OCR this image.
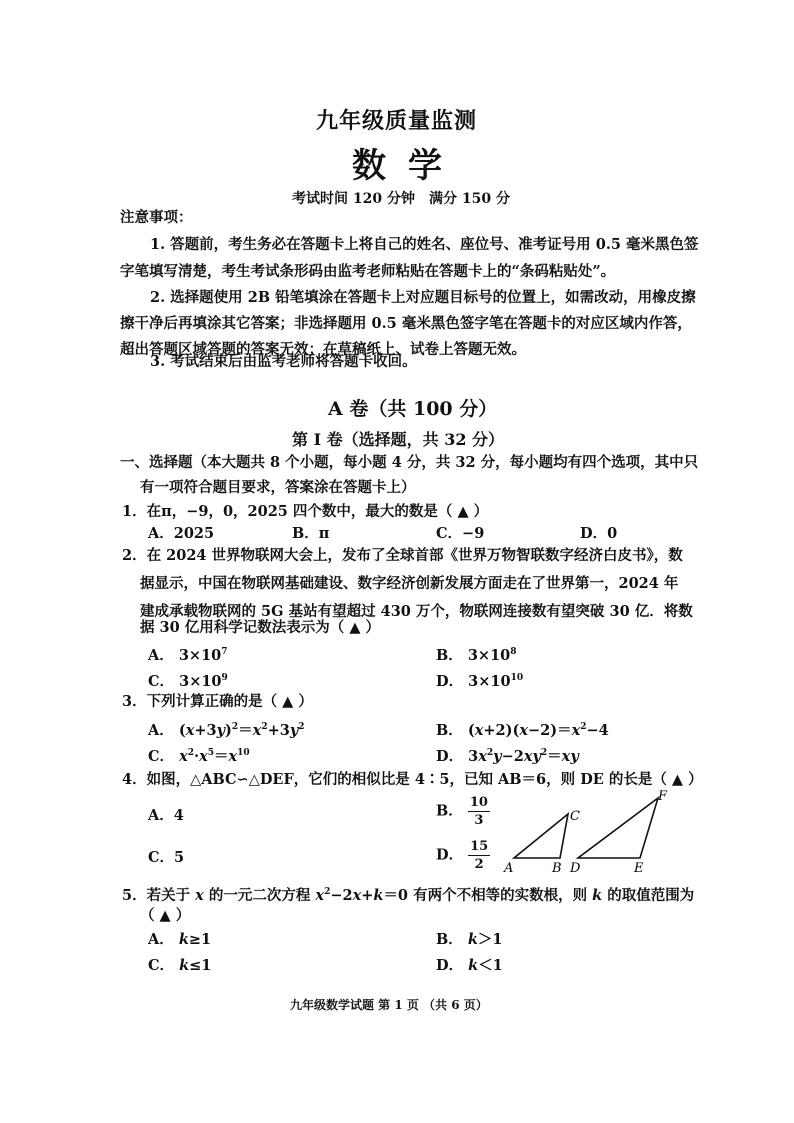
九年级质量监测
数学
考试时间 120 分钟　满分 150 分
注意事项：
1. 答题前，考生务必在答题卡上将自己的姓名、座位号、准考证号用 0.5 毫米黑色签
字笔填写清楚，考生考试条形码由监考老师粘贴在答题卡上的“条码粘贴处”。
2. 选择题使用 2B 铅笔填涂在答题卡上对应题目标号的位置上，如需改动，用橡皮擦
擦干净后再填涂其它答案；非选择题用 0.5 毫米黑色签字笔在答题卡的对应区域内作答，
超出答题区域答题的答案无效；在草稿纸上、试卷上答题无效。
3. 考试结束后由监考老师将答题卡收回。
A 卷（共 100 分）
第 I 卷（选择题，共 32 分）
一、选择题（本大题共 8 个小题，每小题 4 分，共 32 分，每小题均有四个选项，其中只
有一项符合题目要求，答案涂在答题卡上）
1．在π，−9，0，2025 四个数中，最大的数是（ ▲ ）
A．2025	B．π	C．−9	D．0
2．在 2024 世界物联网大会上，发布了全球首部《世界万物智联数字经济白皮书》，数
据显示，中国在物联网基础建设、数字经济创新发展方面走在了世界第一，2024 年
建成承载物联网的 5G 基站有望超过 430 万个，物联网连接数有望突破 30 亿．将数
据 30 亿用科学记数法表示为（ ▲ ）
A． $3\times 10^7$	B． $3\times 10^8$
C． $3\times 10^9$	D． $3\times 10^{10}$
3．下列计算正确的是（ ▲ ）
A． $(x+3y)^2=x^2+3y^2$	B． $(x+2)(x-2)=x^2-4$
C． $x^2\cdot x^5=x^{10}$	D． $3x^2y-2xy^2=xy$
4．如图，△ABC∽△DEF，它们的相似比是 4∶5，已知 AB＝6，则 DE 的长是（ ▲ ）
A．4	B． $\frac{10}{3}$
C．5	D． $\frac{15}{2}$ A	B
C
D	E
F
5．若关于 x 的一元二次方程 $x^2-2x+k=0$ 有两个不相等的实数根，则 k 的取值范围为
（ ▲ ）
A． k≥1	B． k＞1
C． k≤1	D． k＜1
九年级数学试题 第 1 页 （共 6 页）
